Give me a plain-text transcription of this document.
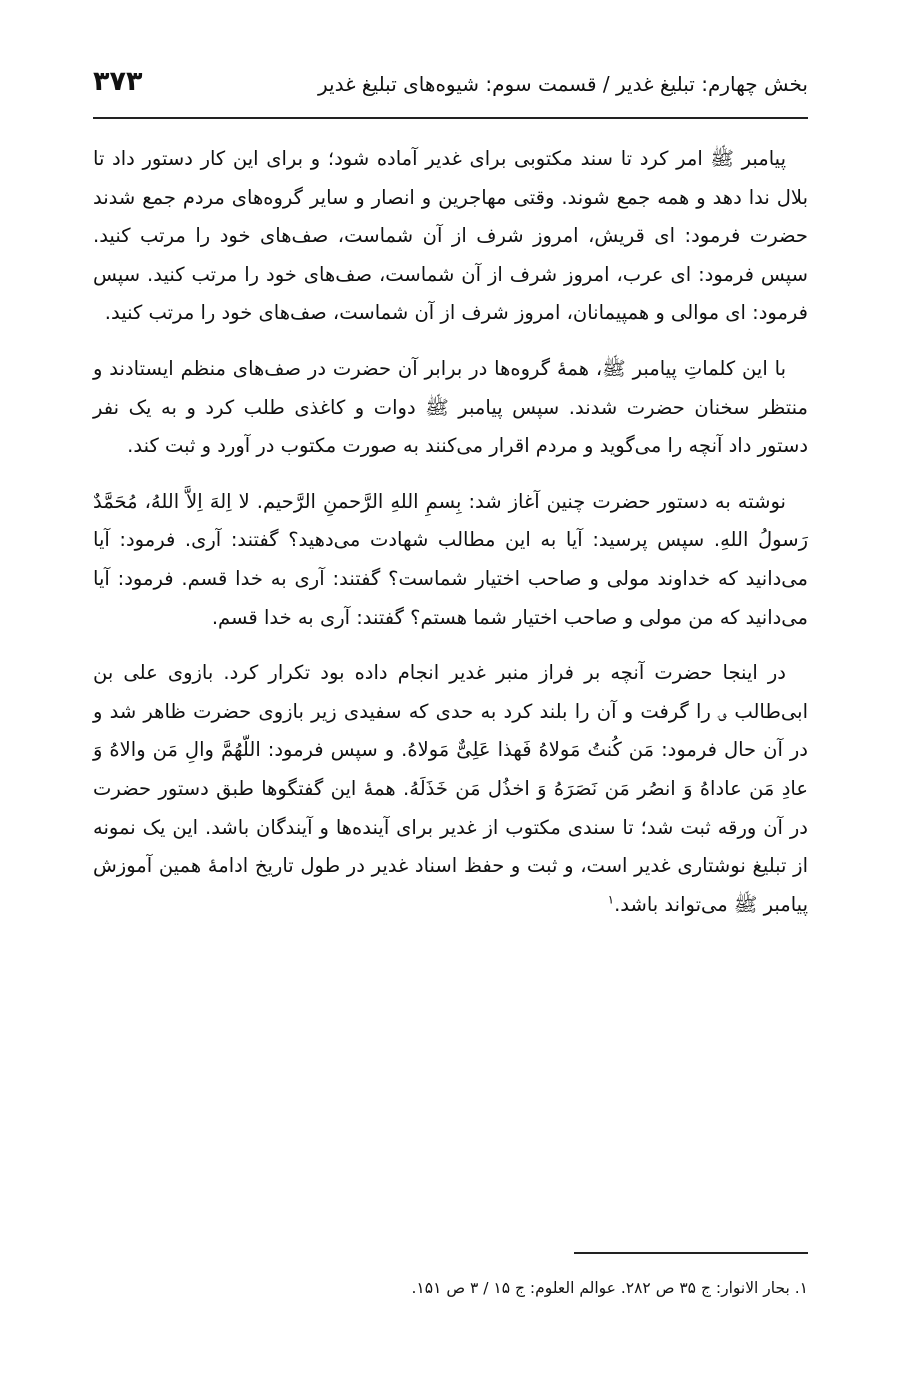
بخش چهارم: تبلیغ غدیر / قسمت سوم: شیوه‌های تبلیغ غدیر
۳۷۳

پیامبر ﷺ امر کرد تا سند مکتوبی برای غدیر آماده شود؛ و برای این کار دستور داد تا بلال ندا دهد و همه جمع شوند. وقتی مهاجرین و انصار و سایر گروه‌های مردم جمع شدند حضرت فرمود: ای قریش، امروز شرف از آن شماست، صف‌های خود را مرتب کنید. سپس فرمود: ای عرب، امروز شرف از آن شماست، صف‌های خود را مرتب کنید. سپس فرمود: ای موالی و همپیمانان، امروز شرف از آن شماست، صف‌های خود را مرتب کنید.

با این کلماتِ پیامبر ﷺ، همهٔ گروه‌ها در برابر آن حضرت در صف‌های منظم ایستادند و منتظر سخنان حضرت شدند. سپس پیامبر ﷺ دوات و کاغذی طلب کرد و به یک نفر دستور داد آنچه را می‌گوید و مردم اقرار می‌کنند به صورت مکتوب در آورد و ثبت کند.

نوشته به دستور حضرت چنین آغاز شد: بِسمِ اللهِ الرَّحمنِ الرَّحیم. لا اِلهَ اِلاَّ اللهُ، مُحَمَّدٌ رَسولُ اللهِ. سپس پرسید: آیا به این مطالب شهادت می‌دهید؟ گفتند: آری. فرمود: آیا می‌دانید که خداوند مولی و صاحب اختیار شماست؟ گفتند: آری به خدا قسم. فرمود: آیا می‌دانید که من مولی و صاحب اختیار شما هستم؟ گفتند: آری به خدا قسم.

در اینجا حضرت آنچه بر فراز منبر غدیر انجام داده بود تکرار کرد. بازوی علی بن ابی‌طالب ؈ را گرفت و آن را بلند کرد به حدی که سفیدی زیر بازوی حضرت ظاهر شد و در آن حال فرمود: مَن کُنتُ مَولاهُ فَهذا عَلِیٌّ مَولاهُ. و سپس فرمود: اللّهُمَّ والِ مَن والاهُ وَ عادِ مَن عاداهُ وَ انصُر مَن نَصَرَهُ وَ اخذُل مَن خَذَلَهُ. همهٔ این گفتگوها طبق دستور حضرت در آن ورقه ثبت شد؛ تا سندی مکتوب از غدیر برای آینده‌ها و آیندگان باشد. این یک نمونه از تبلیغ نوشتاری غدیر است، و ثبت و حفظ اسناد غدیر در طول تاریخ ادامهٔ همین آموزش پیامبر ﷺ می‌تواند باشد.$^۱$

۱. بحار الانوار: ج ۳۵ ص ۲۸۲. عوالم العلوم: ج ۱۵ / ۳ ص ۱۵۱.
